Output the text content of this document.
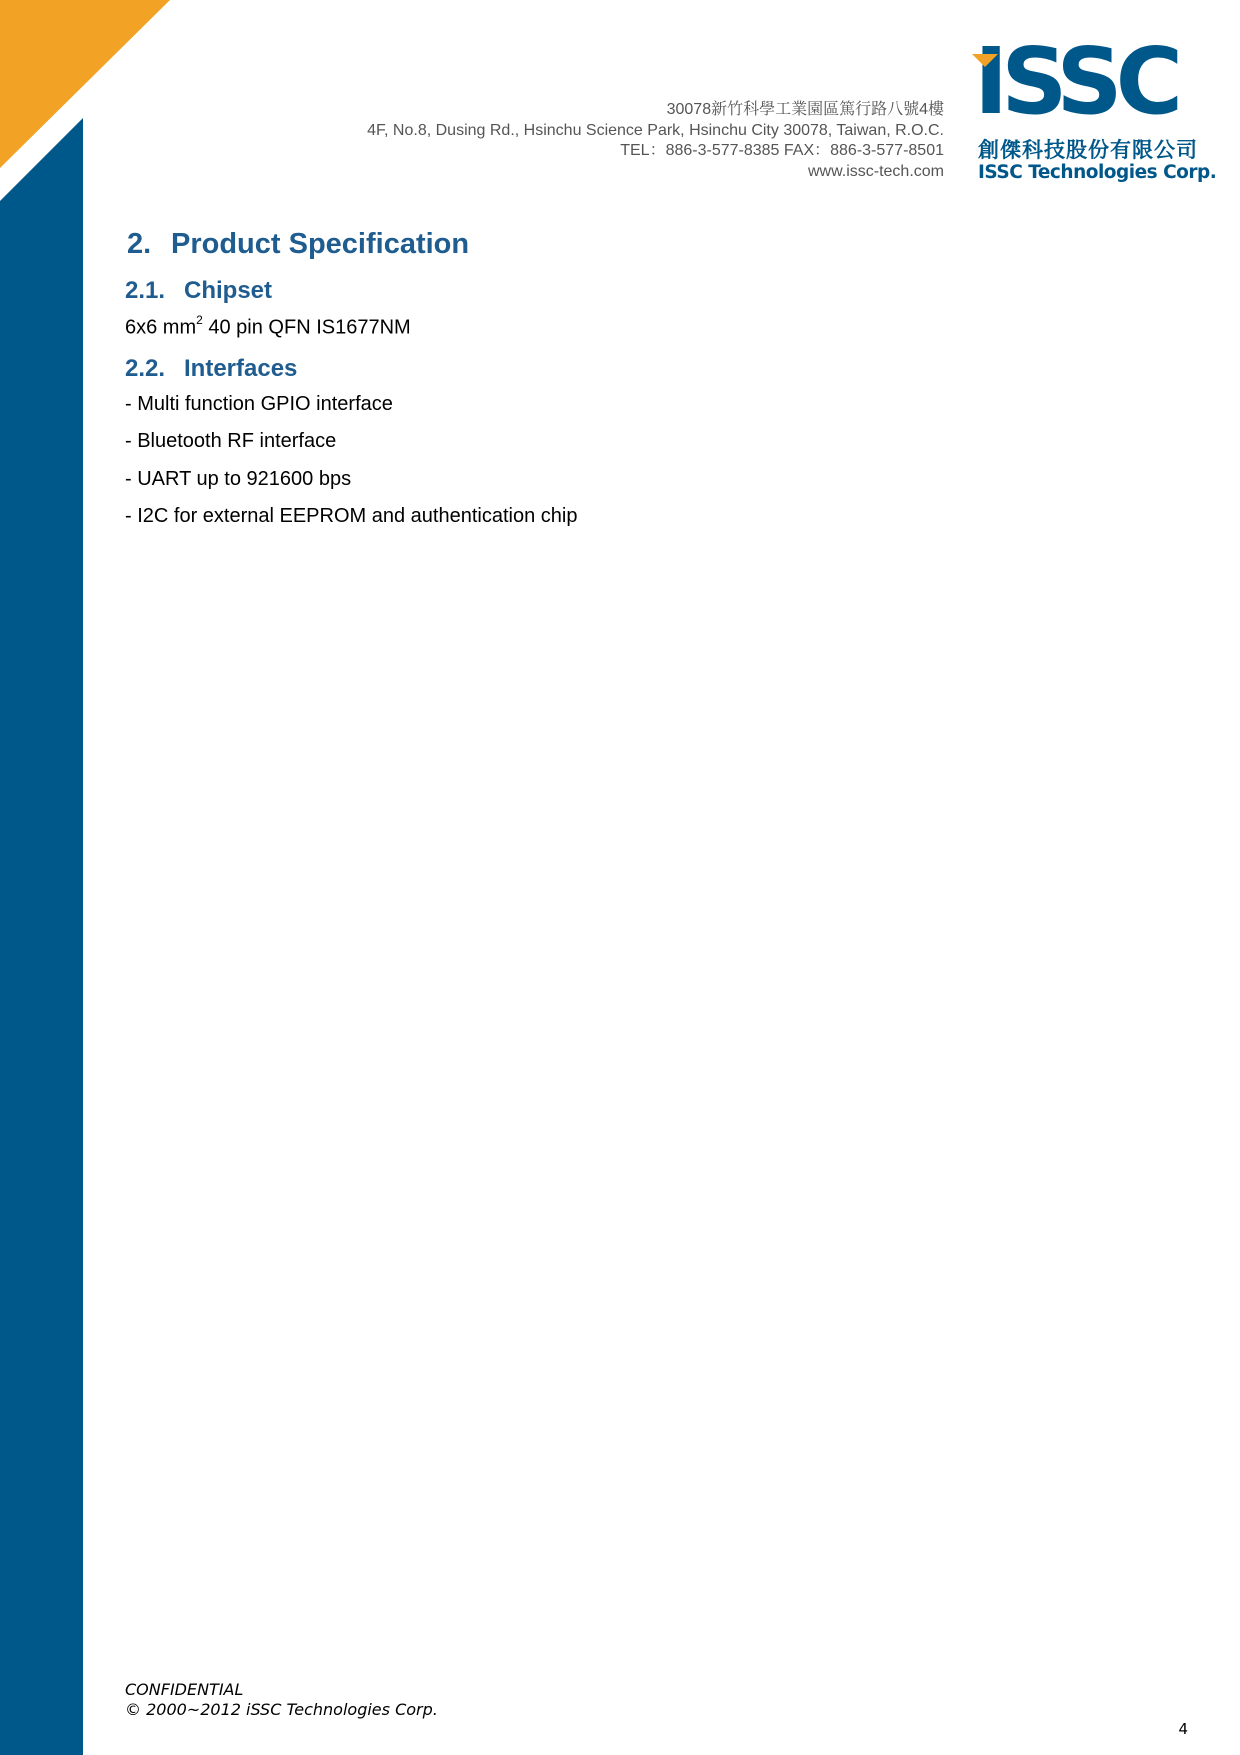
30078新竹科學工業園區篤行路八號4樓
4F, No.8, Dusing Rd., Hsinchu Science Park, Hsinchu City 30078, Taiwan, R.O.C.
TEL：886-3-577-8385 FAX：886-3-577-8501
www.issc-tech.com
ISSC
創傑科技股份有限公司
ISSC Technologies Corp.
2. Product Specification
2.1. Chipset
6x6 $mm^2$ 40 pin QFN IS1677NM
2.2. Interfaces
- Multi function GPIO interface
- Bluetooth RF interface
- UART up to 921600 bps
- I2C for external EEPROM and authentication chip
CONFIDENTIAL
© 2000~2012 iSSC Technologies Corp.
4
